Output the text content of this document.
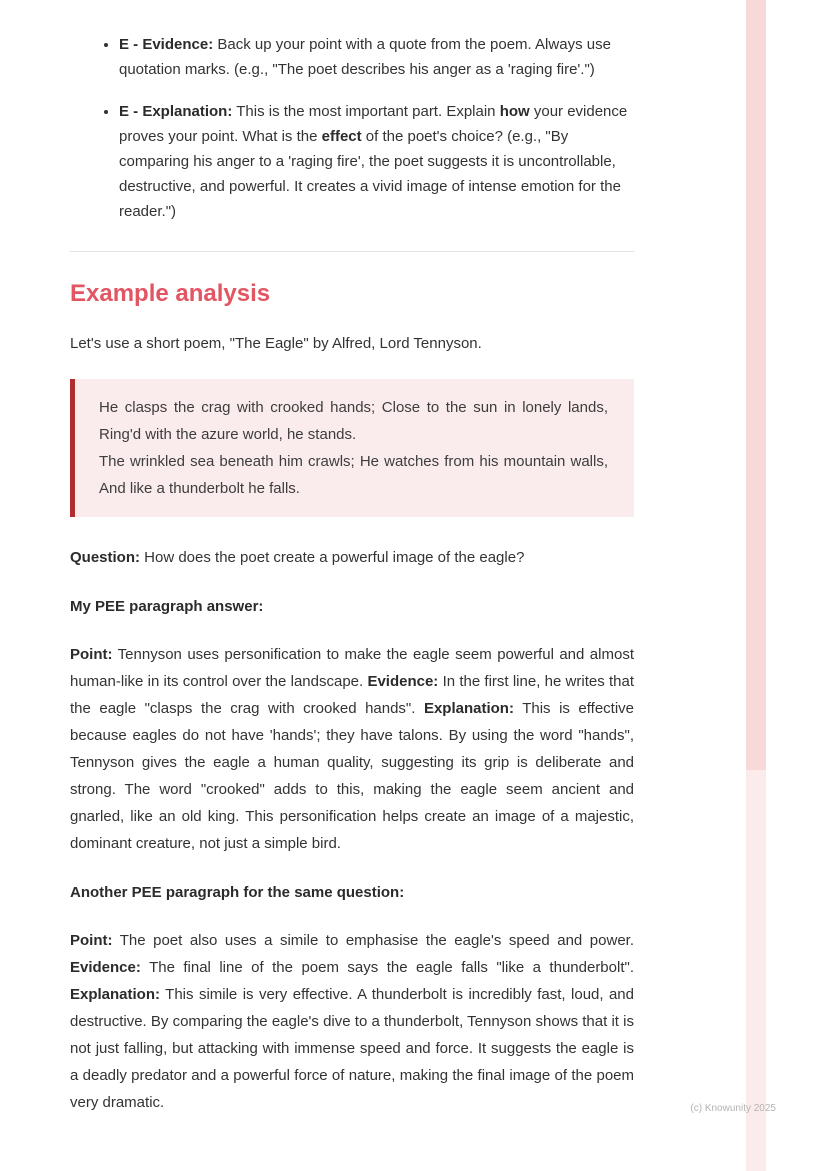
• E - Evidence: Back up your point with a quote from the poem. Always use quotation marks. (e.g., "The poet describes his anger as a 'raging fire'.")
• E - Explanation: This is the most important part. Explain how your evidence proves your point. What is the effect of the poet's choice? (e.g., "By comparing his anger to a 'raging fire', the poet suggests it is uncontrollable, destructive, and powerful. It creates a vivid image of intense emotion for the reader.")
Example analysis

Let's use a short poem, "The Eagle" by Alfred, Lord Tennyson.

He clasps the crag with crooked hands; Close to the sun in lonely lands, Ring'd with the azure world, he stands.

The wrinkled sea beneath him crawls; He watches from his mountain walls, And like a thunderbolt he falls.

Question: How does the poet create a powerful image of the eagle?

My PEE paragraph answer:

Point: Tennyson uses personification to make the eagle seem powerful and almost human-like in its control over the landscape. Evidence: In the first line, he writes that the eagle "clasps the crag with crooked hands". Explanation: This is effective because eagles do not have 'hands'; they have talons. By using the word "hands", Tennyson gives the eagle a human quality, suggesting its grip is deliberate and strong. The word "crooked" adds to this, making the eagle seem ancient and gnarled, like an old king. This personification helps create an image of a majestic, dominant creature, not just a simple bird.

Another PEE paragraph for the same question:

Point: The poet also uses a simile to emphasise the eagle's speed and power. Evidence: The final line of the poem says the eagle falls "like a thunderbolt". Explanation: This simile is very effective. A thunderbolt is incredibly fast, loud, and destructive. By comparing the eagle's dive to a thunderbolt, Tennyson shows that it is not just falling, but attacking with immense speed and force. It suggests the eagle is a deadly predator and a powerful force of nature, making the final image of the poem very dramatic.	(c) Knowunity 2025
